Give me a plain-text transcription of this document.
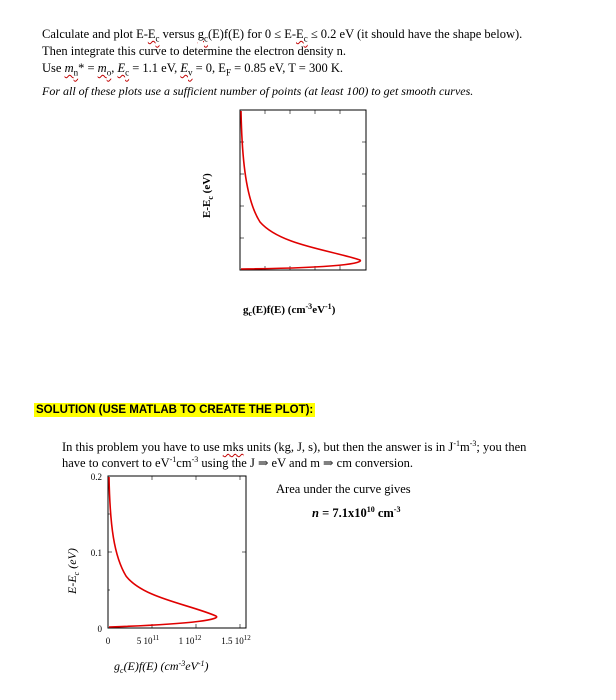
Calculate and plot $E-E_c$ versus $g_c(E)f(E)$ for $0 \le E-E_c \le 0.2$ eV (it should have the shape below).
Then integrate this curve to determine the electron density n.
Use $m_n* = m_o$, $E_c = 1.1$ eV, $E_v = 0$, $E_F = 0.85$ eV, T = 300 K.
For all of these plots use a sufficient number of points (at least 100) to get smooth curves.
$E-E_c$ (eV)
$g_c(E)f(E)$ $(cm^{-3}eV^{-1})$
SOLUTION (USE MATLAB TO CREATE THE PLOT):
In this problem you have to use mks units (kg, J, s), but then the answer is in $J^{-1}m^{-3}$; you then
have to convert to $eV^{-1}cm^{-3}$ using the J ⇒ eV and m ⇒ cm conversion.
Area under the curve gives
$n = 7.1x10^{10}$ $cm^{-3}$
0.2
0.1
0
0	5 $10^{11}$ 1 $10^{12}$ 1.5 $10^{12}$
$E-E_c$ (eV)
$g_c(E)f(E)$ $(cm^{-3}eV^{-1})$
